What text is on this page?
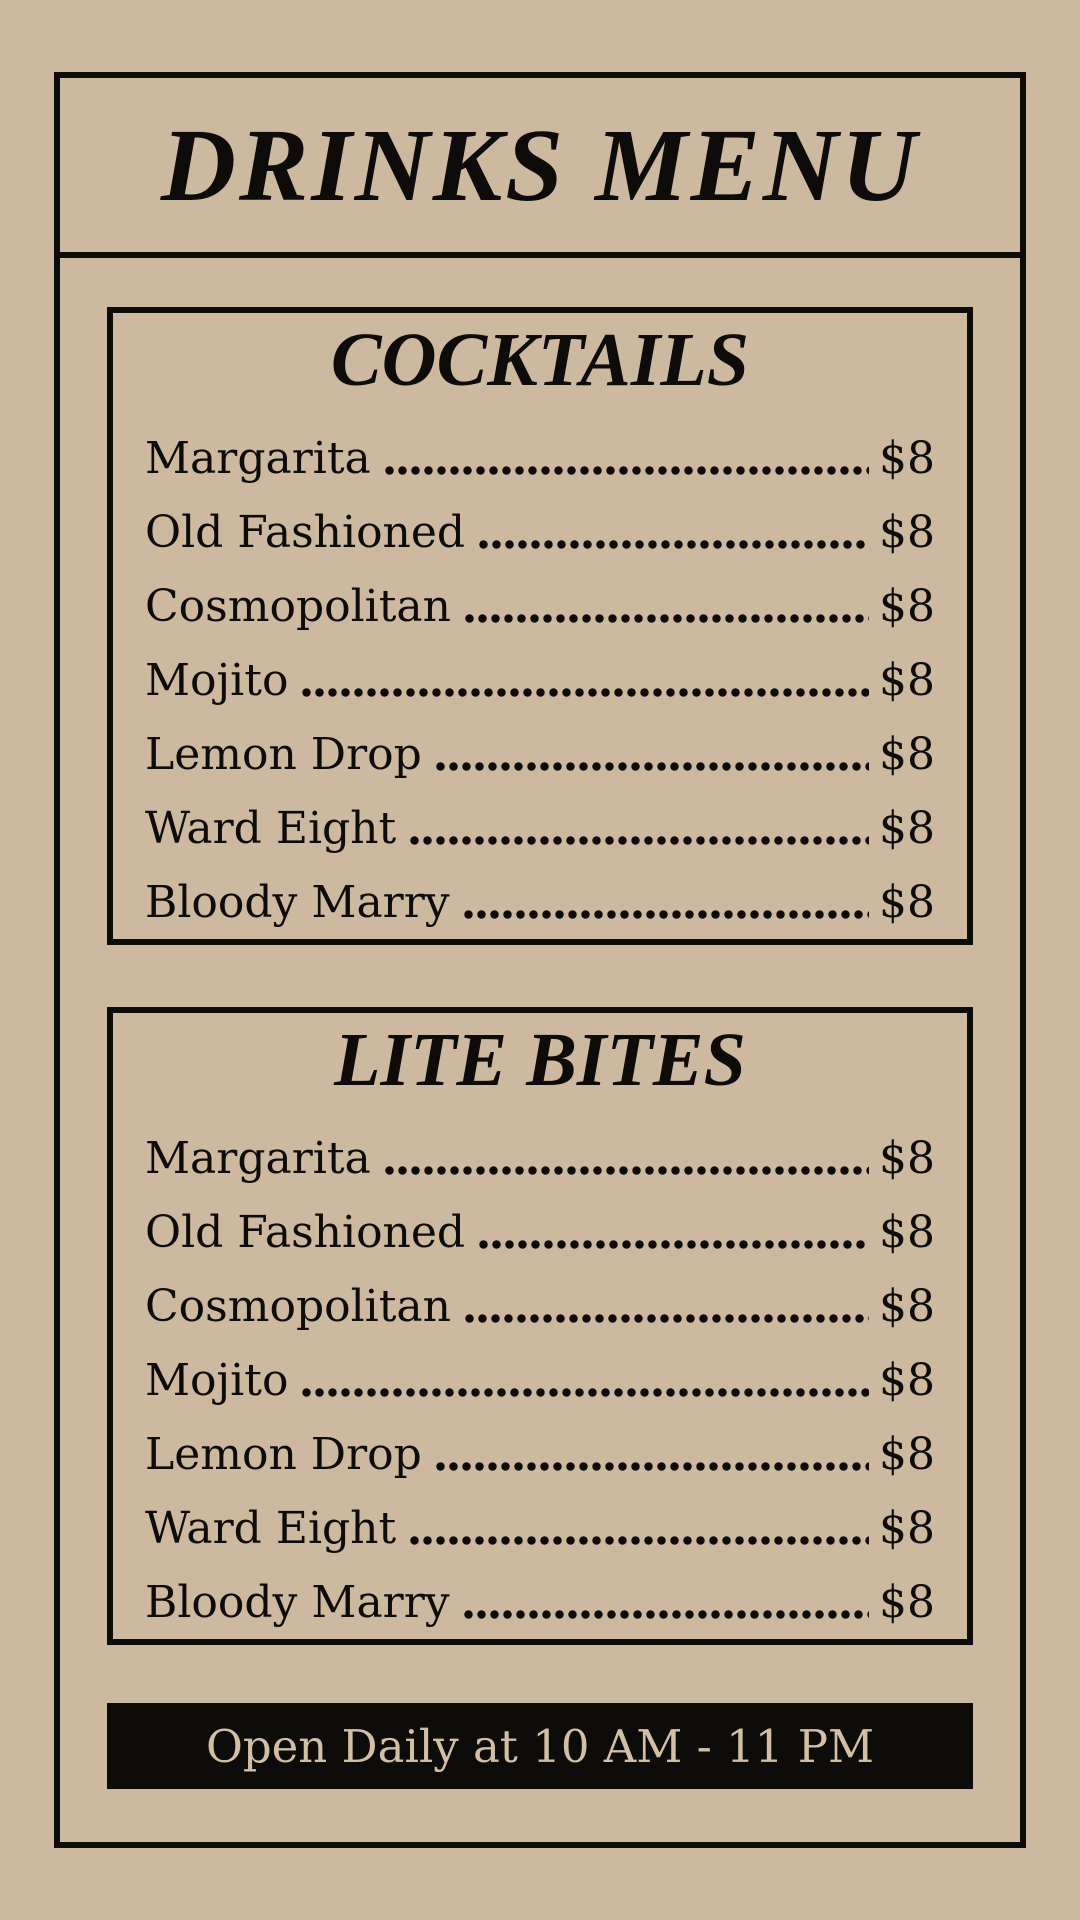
DRINKS MENU
COCKTAILS
Margarita	$8
Old Fashioned	$8
Cosmopolitan	$8
Mojito	$8
Lemon Drop	$8
Ward Eight	$8
Bloody Marry	$8
LITE BITES
Margarita	$8
Old Fashioned	$8
Cosmopolitan	$8
Mojito	$8
Lemon Drop	$8
Ward Eight	$8
Bloody Marry	$8
Open Daily at 10 AM - 11 PM
